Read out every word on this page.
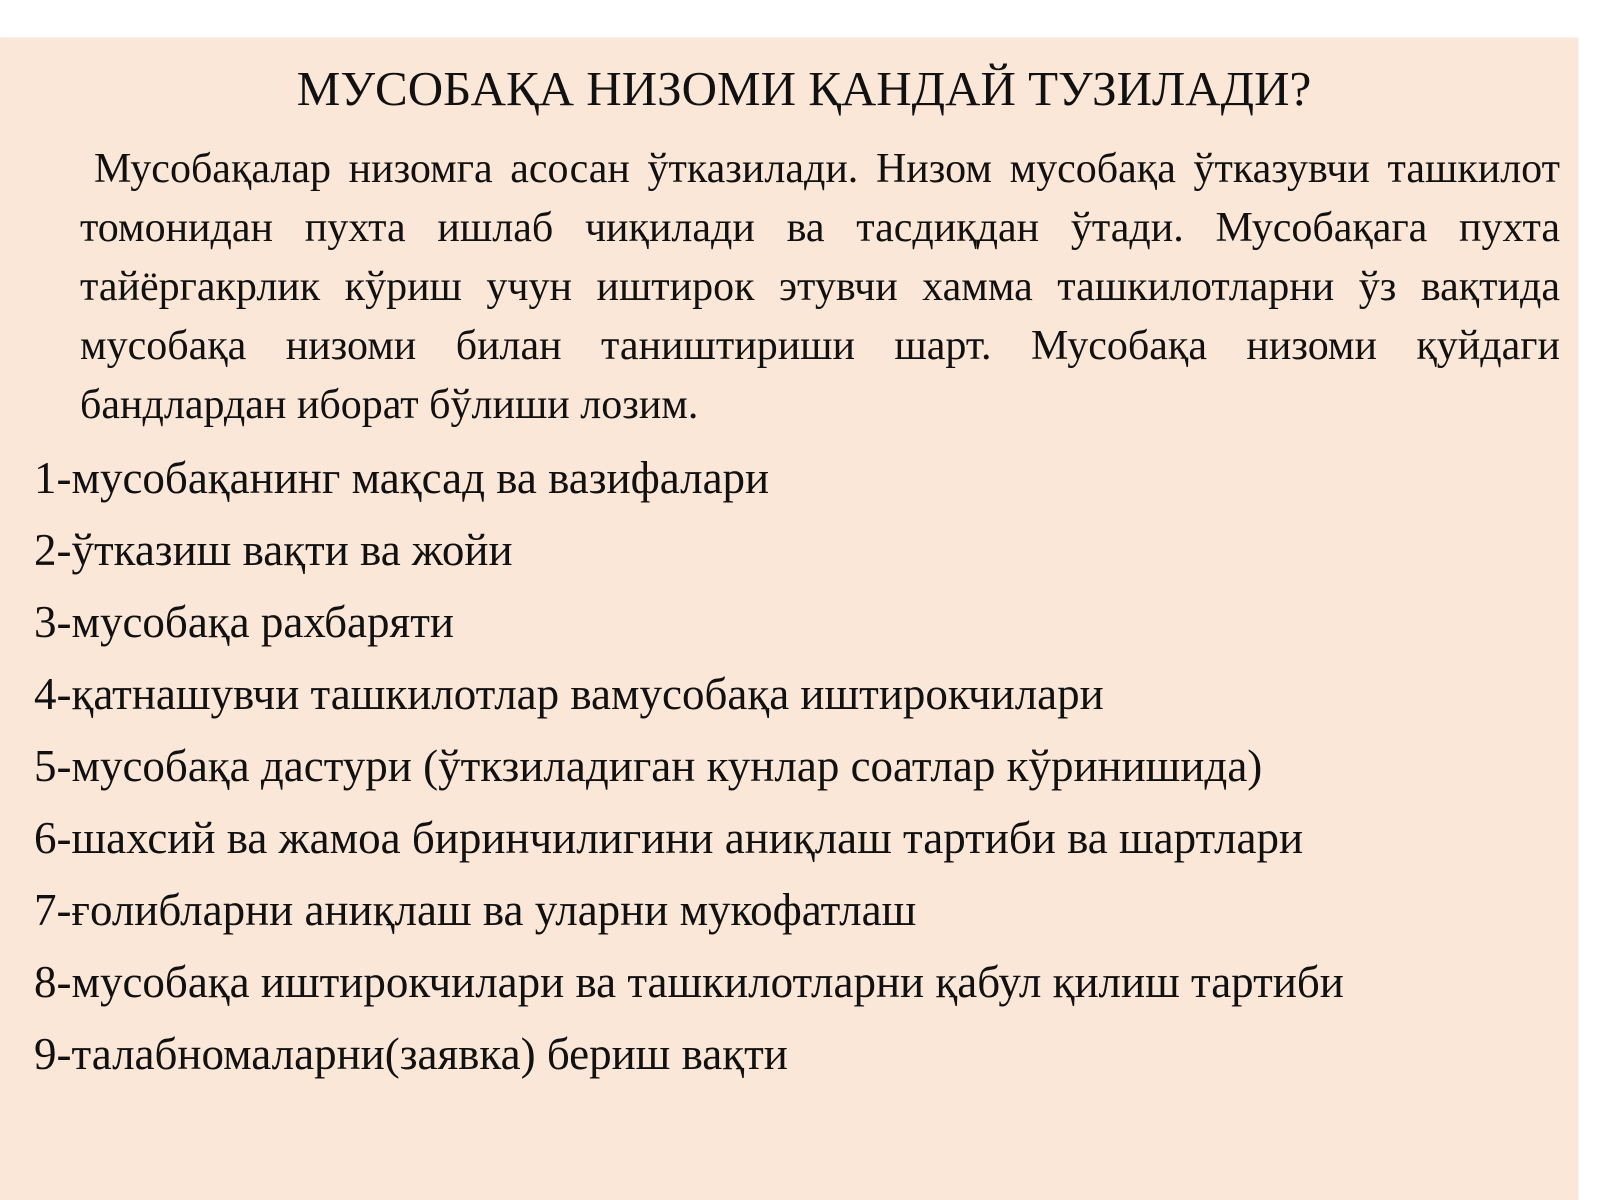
МУСОБАҚА НИЗОМИ ҚАНДАЙ ТУЗИЛАДИ?
Мусобақалар низомга асосан ўтказилади. Низом мусобақа ўтказувчи ташкилот томонидан пухта ишлаб чиқилади ва тасдиқдан ўтади. Мусобақага пухта тайёргакрлик кўриш учун иштирок этувчи хамма ташкилотларни ўз вақтида мусобақа низоми билан таништириши шарт. Мусобақа низоми қуйдаги бандлардан иборат бўлиши лозим.
1-мусобақанинг мақсад ва вазифалари
2-ўтказиш вақти ва жойи
3-мусобақа рахбаряти
4-қатнашувчи ташкилотлар вамусобақа иштирокчилари
5-мусобақа дастури (ўткзиладиган кунлар соатлар кўринишида)
6-шахсий ва жамоа биринчилигини аниқлаш тартиби ва шартлари
7-ғолибларни аниқлаш ва уларни мукофатлаш
8-мусобақа иштирокчилари ва ташкилотларни қабул қилиш тартиби
9-талабномаларни(заявка) бериш вақти
